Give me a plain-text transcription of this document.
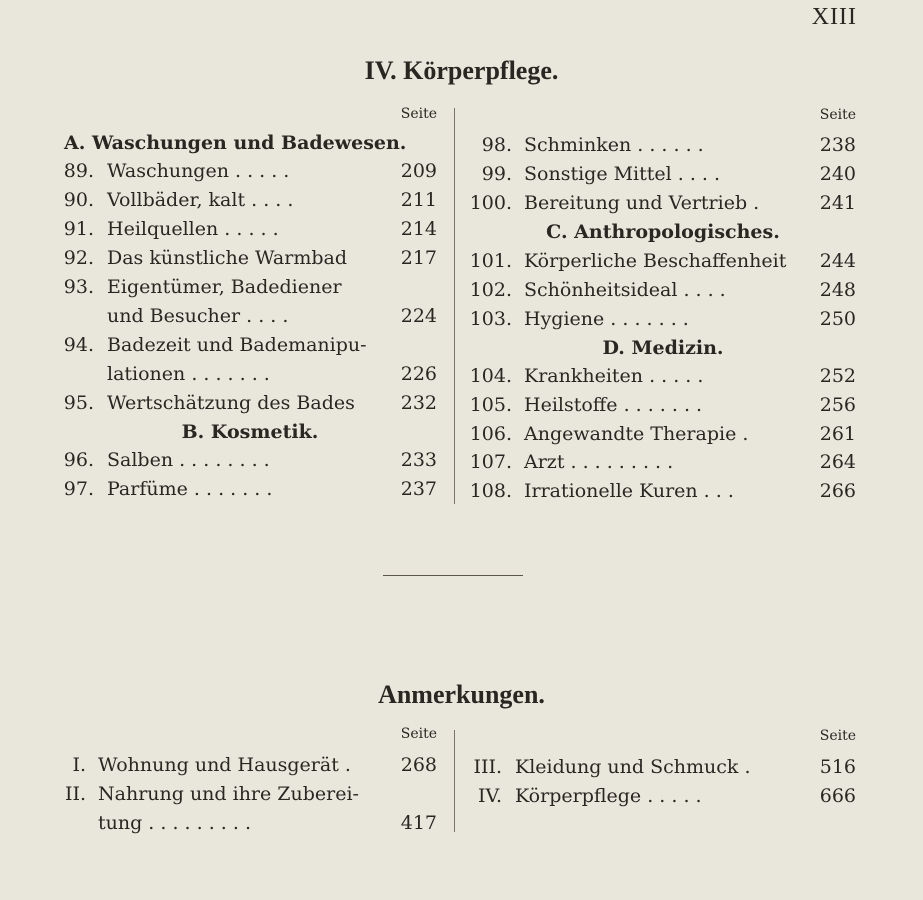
XIII
IV. Körperpflege.
Seite
A. Waschungen und Badewesen.
89. Waschungen . . . . .	209
90. Vollbäder, kalt . . . .	211
91. Heilquellen . . . . .	214
92. Das künstliche Warmbad	217
93. Eigentümer, Badediener
und Besucher . . . .	224
94. Badezeit und Bademanipu-
lationen . . . . . . .	226
95. Wertschätzung des Bades	232
B. Kosmetik.
96. Salben . . . . . . . .	233
97. Parfüme . . . . . . .	237
Seite
98. Schminken . . . . . .	238
99. Sonstige Mittel . . . .	240
100. Bereitung und Vertrieb .	241
C. Anthropologisches.
101. Körperliche Beschaffenheit	244
102. Schönheitsideal . . . .	248
103. Hygiene . . . . . . .	250
D. Medizin.
104. Krankheiten . . . . .	252
105. Heilstoffe . . . . . . .	256
106. Angewandte Therapie .	261
107. Arzt . . . . . . . . .	264
108. Irrationelle Kuren . . .	266
Anmerkungen.
Seite
I. Wohnung und Hausgerät .	268
II. Nahrung und ihre Zuberei-
tung . . . . . . . . .	417
Seite
III. Kleidung und Schmuck .	516
IV. Körperpflege . . . . .	666
